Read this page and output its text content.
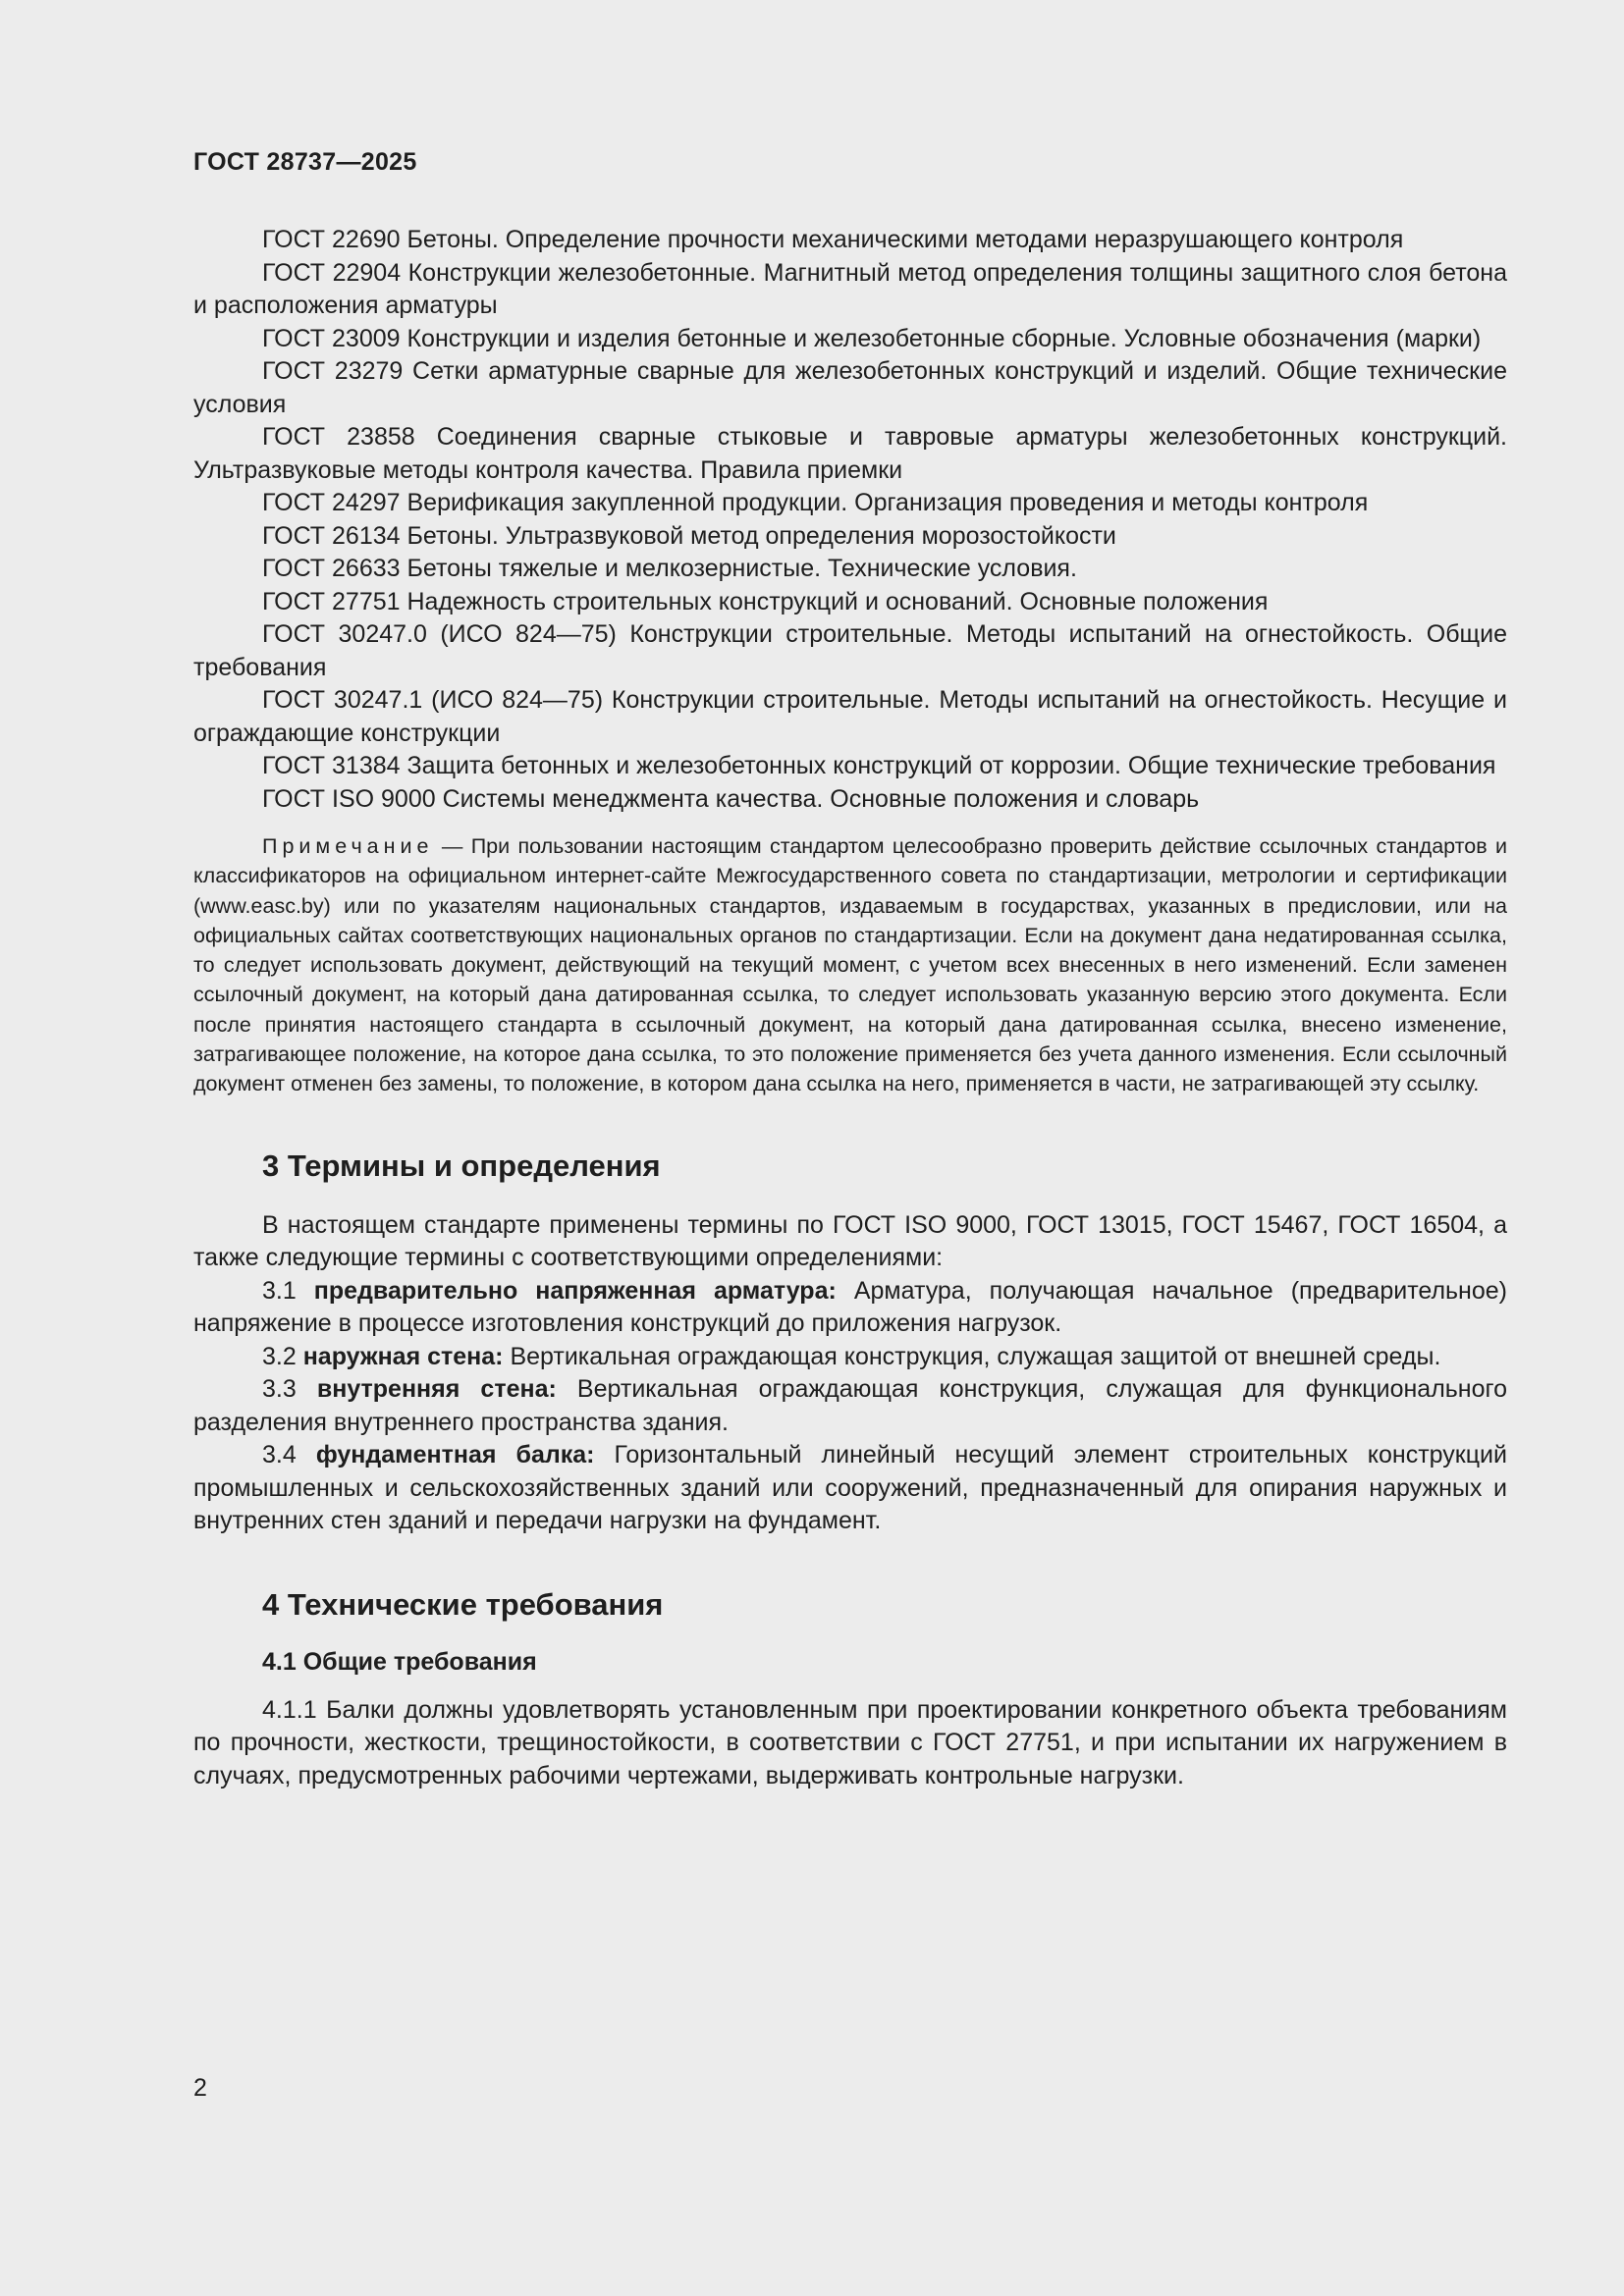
ГОСТ 28737—2025

ГОСТ 22690 Бетоны. Определение прочности механическими методами неразрушающего контроля

ГОСТ 22904 Конструкции железобетонные. Магнитный метод определения толщины защитного слоя бетона и расположения арматуры

ГОСТ 23009 Конструкции и изделия бетонные и железобетонные сборные. Условные обозначения (марки)

ГОСТ 23279 Сетки арматурные сварные для железобетонных конструкций и изделий. Общие технические условия

ГОСТ 23858 Соединения сварные стыковые и тавровые арматуры железобетонных конструкций. Ультразвуковые методы контроля качества. Правила приемки

ГОСТ 24297 Верификация закупленной продукции. Организация проведения и методы контроля

ГОСТ 26134 Бетоны. Ультразвуковой метод определения морозостойкости

ГОСТ 26633 Бетоны тяжелые и мелкозернистые. Технические условия.

ГОСТ 27751 Надежность строительных конструкций и оснований. Основные положения

ГОСТ 30247.0 (ИСО 824—75) Конструкции строительные. Методы испытаний на огнестойкость. Общие требования

ГОСТ 30247.1 (ИСО 824—75) Конструкции строительные. Методы испытаний на огнестойкость. Несущие и ограждающие конструкции

ГОСТ 31384 Защита бетонных и железобетонных конструкций от коррозии. Общие технические требования

ГОСТ ISO 9000 Системы менеджмента качества. Основные положения и словарь

Примечание — При пользовании настоящим стандартом целесообразно проверить действие ссылочных стандартов и классификаторов на официальном интернет-сайте Межгосударственного совета по стандартизации, метрологии и сертификации (www.easc.by) или по указателям национальных стандартов, издаваемым в государствах, указанных в предисловии, или на официальных сайтах соответствующих национальных органов по стандартизации. Если на документ дана недатированная ссылка, то следует использовать документ, действующий на текущий момент, с учетом всех внесенных в него изменений. Если заменен ссылочный документ, на который дана датированная ссылка, то следует использовать указанную версию этого документа. Если после принятия настоящего стандарта в ссылочный документ, на который дана датированная ссылка, внесено изменение, затрагивающее положение, на которое дана ссылка, то это положение применяется без учета данного изменения. Если ссылочный документ отменен без замены, то положение, в котором дана ссылка на него, применяется в части, не затрагивающей эту ссылку.

3 Термины и определения

В настоящем стандарте применены термины по ГОСТ ISO 9000, ГОСТ 13015, ГОСТ 15467, ГОСТ 16504, а также следующие термины с соответствующими определениями:

3.1 предварительно напряженная арматура: Арматура, получающая начальное (предварительное) напряжение в процессе изготовления конструкций до приложения нагрузок.

3.2 наружная стена: Вертикальная ограждающая конструкция, служащая защитой от внешней среды.

3.3 внутренняя стена: Вертикальная ограждающая конструкция, служащая для функционального разделения внутреннего пространства здания.

3.4 фундаментная балка: Горизонтальный линейный несущий элемент строительных конструкций промышленных и сельскохозяйственных зданий или сооружений, предназначенный для опирания наружных и внутренних стен зданий и передачи нагрузки на фундамент.

4 Технические требования
4.1 Общие требования

4.1.1 Балки должны удовлетворять установленным при проектировании конкретного объекта требованиям по прочности, жесткости, трещиностойкости, в соответствии с ГОСТ 27751, и при испытании их нагружением в случаях, предусмотренных рабочими чертежами, выдерживать контрольные нагрузки.

2
